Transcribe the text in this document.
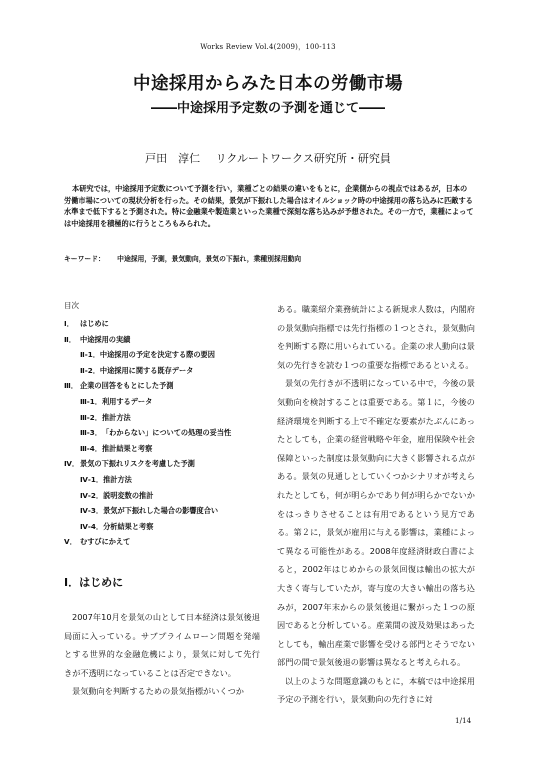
Works Review Vol.4(2009)，100-113
中途採用からみた日本の労働市場
――中途採用予定数の予測を通じて――
戸田　淳仁 リクルートワークス研究所・研究員
本研究では，中途採用予定数について予測を行い，業種ごとの結果の違いをもとに，企業側からの視点ではあるが，日本の労働市場についての現状分析を行った。その結果，景気が下振れした場合はオイルショック時の中途採用の落ち込みに匹敵する水準まで低下すると予測された。特に金融業や製造業といった業種で深刻な落ち込みが予想された。その一方で，業種によっては中途採用を積極的に行うところもみられた。
キーワード： 中途採用，予測，景気動向，景気の下振れ，業種別採用動向
目次
Ⅰ． はじめに
Ⅱ． 中途採用の実績
Ⅱ-1．中途採用の予定を決定する際の要因
Ⅱ-2．中途採用に関する既存データ
Ⅲ． 企業の回答をもとにした予測
Ⅲ-1．利用するデータ
Ⅲ-2．推計方法
Ⅲ-3．「わからない」についての処理の妥当性
Ⅲ-4．推計結果と考察
Ⅳ．景気の下振れリスクを考慮した予測
Ⅳ-1．推計方法
Ⅳ-2．説明変数の推計
Ⅳ-3．景気が下振れした場合の影響度合い
Ⅳ-4．分析結果と考察
Ⅴ． むすびにかえて
Ⅰ．はじめに

2007年10月を景気の山として日本経済は景気後退局面に入っている。サブプライムローン問題を発端とする世界的な金融危機により，景気に対して先行きが不透明になっていることは否定できない。

景気動向を判断するための景気指標がいくつか

ある。職業紹介業務統計による新規求人数は，内閣府の景気動向指標では先行指標の１つとされ，景気動向を判断する際に用いられている。企業の求人動向は景気の先行きを読む１つの重要な指標であるといえる。

景気の先行きが不透明になっている中で，今後の景気動向を検討することは重要である。第１に，今後の経済環境を判断する上で不確定な要素がたぶんにあったとしても，企業の経営戦略や年金，雇用保険や社会保障といった制度は景気動向に大きく影響される点がある。景気の見通しとしていくつかシナリオが考えられたとしても，何が明らかであり何が明らかでないかをはっきりさせることは有用であるという見方である。第２に，景気が雇用に与える影響は，業種によって異なる可能性がある。2008年度経済財政白書によると，2002年はじめからの景気回復は輸出の拡大が大きく寄与していたが，寄与度の大きい輸出の落ち込みが，2007年末からの景気後退に繋がった１つの原因であると分析している。産業間の波及効果はあったとしても，輸出産業で影響を受ける部門とそうでない部門の間で景気後退の影響は異なると考えられる。

以上のような問題意識のもとに，本稿では中途採用予定の予測を行い，景気動向の先行きに対

1/14
